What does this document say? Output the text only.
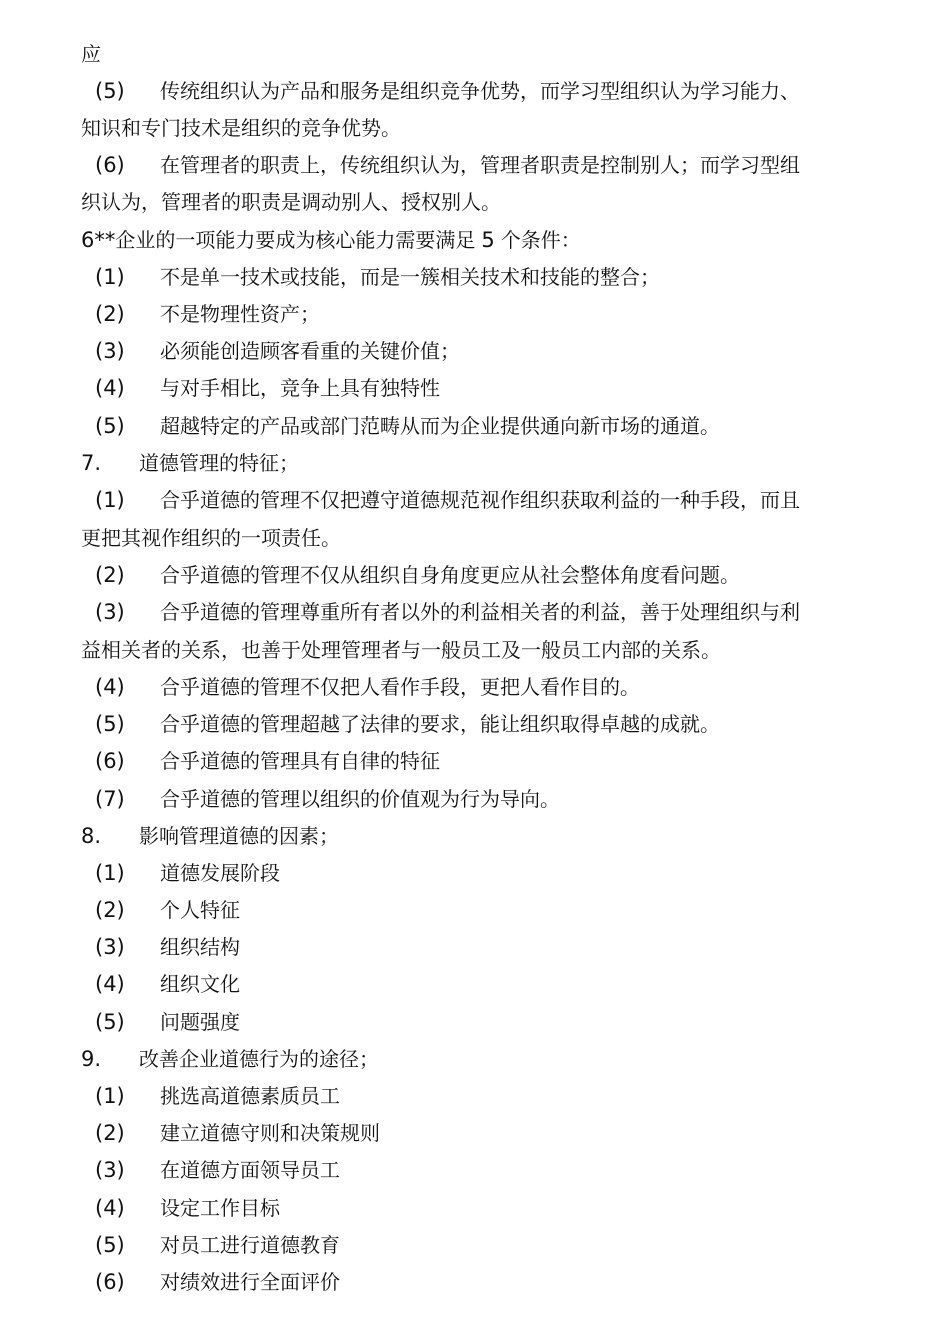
应
(5) 传统组织认为产品和服务是组织竞争优势，而学习型组织认为学习能力、
知识和专门技术是组织的竞争优势。
(6) 在管理者的职责上，传统组织认为，管理者职责是控制别人；而学习型组
织认为，管理者的职责是调动别人、授权别人。
6**企业的一项能力要成为核心能力需要满足 5 个条件：
(1) 不是单一技术或技能，而是一簇相关技术和技能的整合；
(2) 不是物理性资产；
(3) 必须能创造顾客看重的关键价值；
(4) 与对手相比，竞争上具有独特性
(5) 超越特定的产品或部门范畴从而为企业提供通向新市场的通道。
7. 道德管理的特征；
(1) 合乎道德的管理不仅把遵守道德规范视作组织获取利益的一种手段，而且
更把其视作组织的一项责任。
(2) 合乎道德的管理不仅从组织自身角度更应从社会整体角度看问题。
(3) 合乎道德的管理尊重所有者以外的利益相关者的利益，善于处理组织与利
益相关者的关系，也善于处理管理者与一般员工及一般员工内部的关系。
(4) 合乎道德的管理不仅把人看作手段，更把人看作目的。
(5) 合乎道德的管理超越了法律的要求，能让组织取得卓越的成就。
(6) 合乎道德的管理具有自律的特征
(7) 合乎道德的管理以组织的价值观为行为导向。
8. 影响管理道德的因素；
(1) 道德发展阶段
(2) 个人特征
(3) 组织结构
(4) 组织文化
(5) 问题强度
9. 改善企业道德行为的途径；
(1) 挑选高道德素质员工
(2) 建立道德守则和决策规则
(3) 在道德方面领导员工
(4) 设定工作目标
(5) 对员工进行道德教育
(6) 对绩效进行全面评价
